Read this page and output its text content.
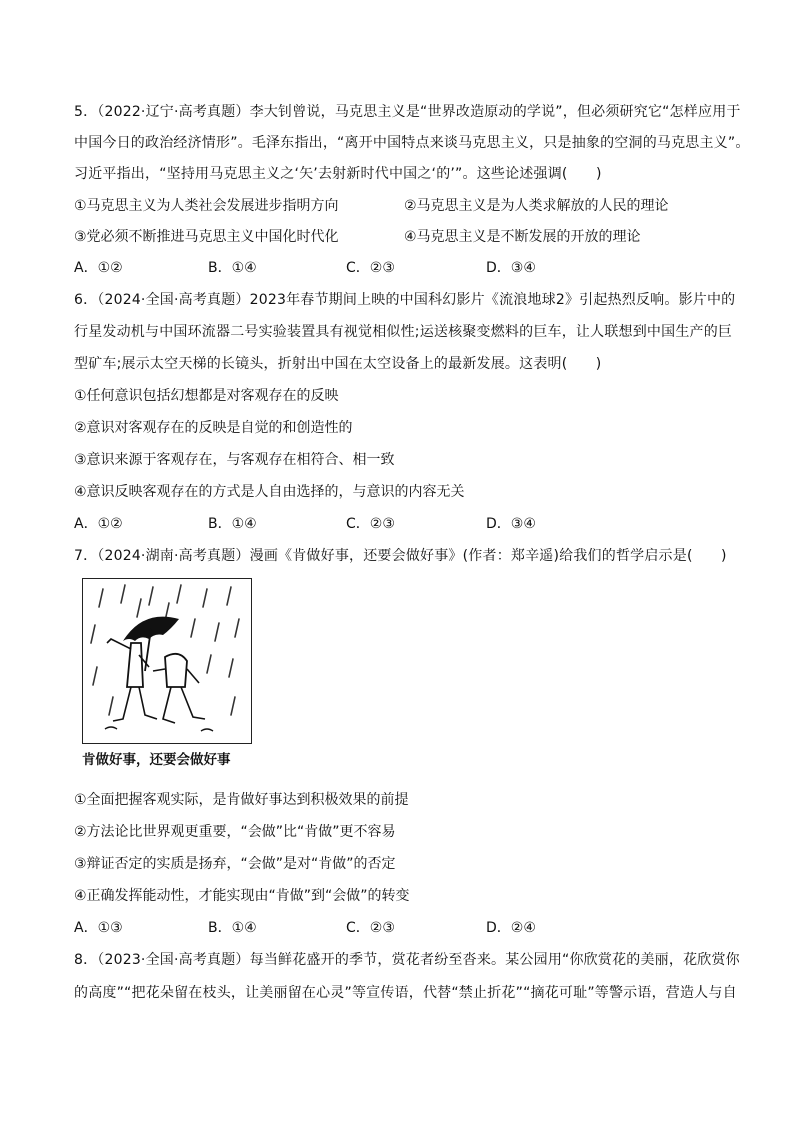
5．（2022·辽宁·高考真题）李大钊曾说，马克思主义是“世界改造原动的学说”，但必须研究它“怎样应用于
中国今日的政治经济情形”。毛泽东指出，“离开中国特点来谈马克思主义，只是抽象的空洞的马克思主义”。
习近平指出，“坚持用马克思主义之‘矢’去射新时代中国之‘的’”。这些论述强调(　　)
①马克思主义为人类社会发展进步指明方向	②马克思主义是为人类求解放的人民的理论
③党必须不断推进马克思主义中国化时代化	④马克思主义是不断发展的开放的理论
A．①②	B．①④	C．②③	D．③④
6．（2024·全国·高考真题）2023年春节期间上映的中国科幻影片《流浪地球2》引起热烈反响。影片中的
行星发动机与中国环流器二号实验装置具有视觉相似性;运送核聚变燃料的巨车，让人联想到中国生产的巨
型矿车;展示太空天梯的长镜头，折射出中国在太空设备上的最新发展。这表明(　　)
①任何意识包括幻想都是对客观存在的反映
②意识对客观存在的反映是自觉的和创造性的
③意识来源于客观存在，与客观存在相符合、相一致
④意识反映客观存在的方式是人自由选择的，与意识的内容无关
A．①②	B．①④	C．②③	D．③④
7．（2024·湖南·高考真题）漫画《肯做好事，还要会做好事》(作者：郑辛遥)给我们的哲学启示是(　　)
肯做好事，还要会做好事
①全面把握客观实际，是肯做好事达到积极效果的前提
②方法论比世界观更重要，“会做”比“肯做”更不容易
③辩证否定的实质是扬弃，“会做”是对“肯做”的否定
④正确发挥能动性，才能实现由“肯做”到“会做”的转变
A．①③	B．①④	C．②③	D．②④
8．（2023·全国·高考真题）每当鲜花盛开的季节，赏花者纷至沓来。某公园用“你欣赏花的美丽，花欣赏你
的高度”“把花朵留在枝头，让美丽留在心灵”等宣传语，代替“禁止折花”“摘花可耻”等警示语，营造人与自
